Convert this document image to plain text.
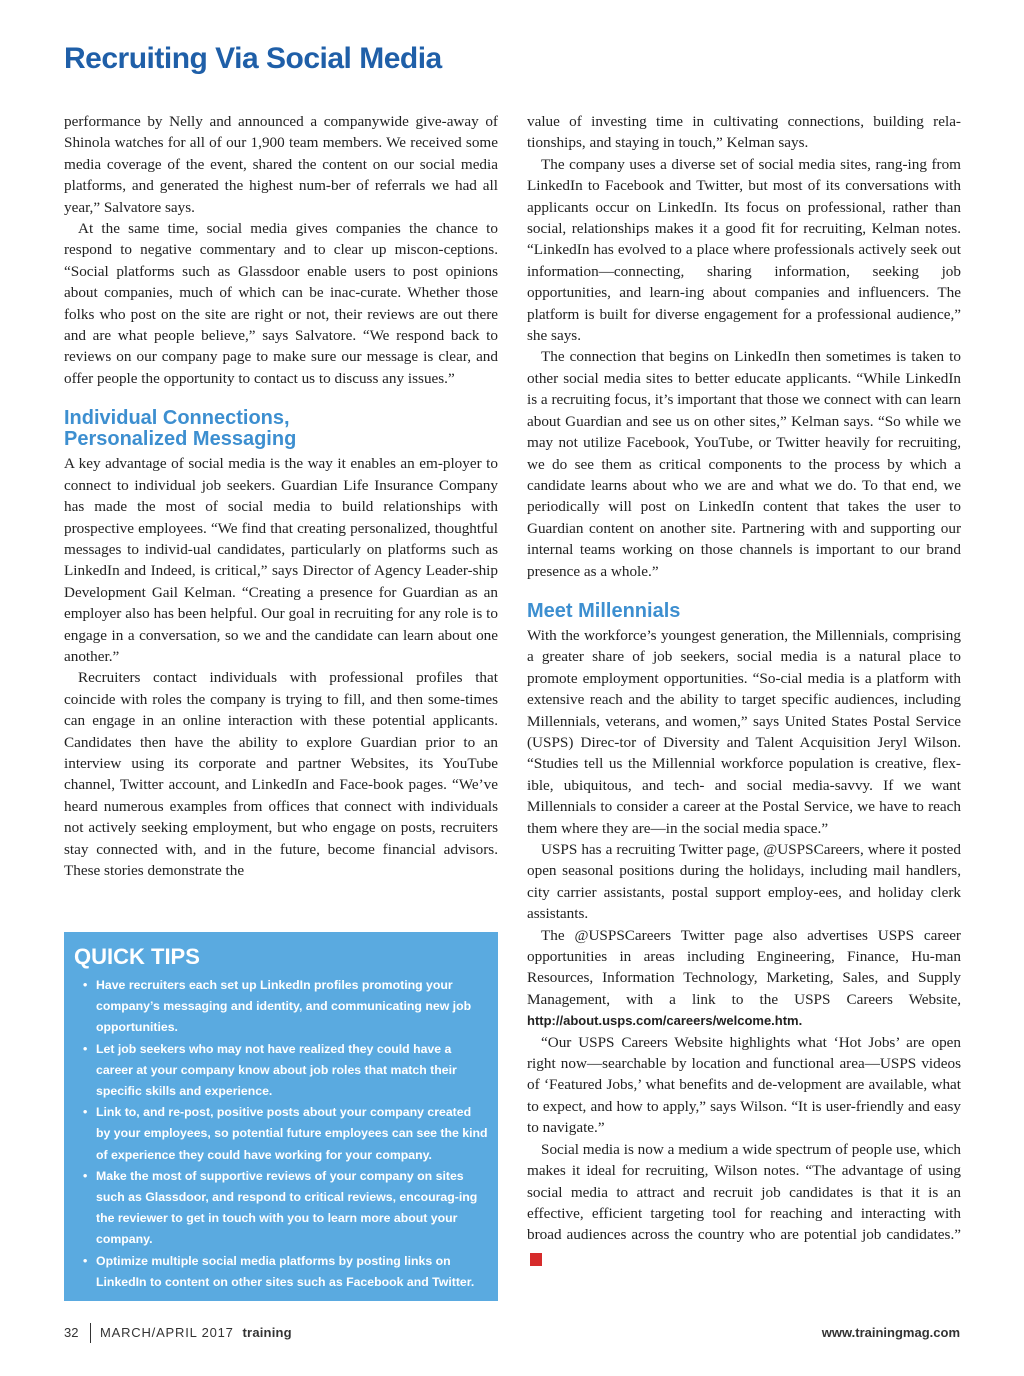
Recruiting Via Social Media

performance by Nelly and announced a companywide give-away of Shinola watches for all of our 1,900 team members. We received some media coverage of the event, shared the content on our social media platforms, and generated the highest num-ber of referrals we had all year,” Salvatore says.

At the same time, social media gives companies the chance to respond to negative commentary and to clear up miscon-ceptions. “Social platforms such as Glassdoor enable users to post opinions about companies, much of which can be inac-curate. Whether those folks who post on the site are right or not, their reviews are out there and are what people believe,” says Salvatore. “We respond back to reviews on our company page to make sure our message is clear, and offer people the opportunity to contact us to discuss any issues.”

Individual Connections,
Personalized Messaging

A key advantage of social media is the way it enables an em-ployer to connect to individual job seekers. Guardian Life Insurance Company has made the most of social media to build relationships with prospective employees. “We find that creating personalized, thoughtful messages to individ-ual candidates, particularly on platforms such as LinkedIn and Indeed, is critical,” says Director of Agency Leader-ship Development Gail Kelman. “Creating a presence for Guardian as an employer also has been helpful. Our goal in recruiting for any role is to engage in a conversation, so we and the candidate can learn about one another.”

Recruiters contact individuals with professional profiles that coincide with roles the company is trying to fill, and then some-times can engage in an online interaction with these potential applicants. Candidates then have the ability to explore Guardian prior to an interview using its corporate and partner Websites, its YouTube channel, Twitter account, and LinkedIn and Face-book pages. “We’ve heard numerous examples from offices that connect with individuals not actively seeking employment, but who engage on posts, recruiters stay connected with, and in the future, become financial advisors. These stories demonstrate the

QUICK TIPS
• Have recruiters each set up LinkedIn profiles promoting your company’s messaging and identity, and communicating new job opportunities.
• Let job seekers who may not have realized they could have a career at your company know about job roles that match their specific skills and experience.
• Link to, and re-post, positive posts about your company created by your employees, so potential future employees can see the kind of experience they could have working for your company.
• Make the most of supportive reviews of your company on sites such as Glassdoor, and respond to critical reviews, encourag-ing the reviewer to get in touch with you to learn more about your company.
• Optimize multiple social media platforms by posting links on LinkedIn to content on other sites such as Facebook and Twitter.

value of investing time in cultivating connections, building rela-tionships, and staying in touch,” Kelman says.

The company uses a diverse set of social media sites, rang-ing from LinkedIn to Facebook and Twitter, but most of its conversations with applicants occur on LinkedIn. Its focus on professional, rather than social, relationships makes it a good fit for recruiting, Kelman notes. “LinkedIn has evolved to a place where professionals actively seek out information—connecting, sharing information, seeking job opportunities, and learn-ing about companies and influencers. The platform is built for diverse engagement for a professional audience,” she says.

The connection that begins on LinkedIn then sometimes is taken to other social media sites to better educate applicants. “While LinkedIn is a recruiting focus, it’s important that those we connect with can learn about Guardian and see us on other sites,” Kelman says. “So while we may not utilize Facebook, YouTube, or Twitter heavily for recruiting, we do see them as critical components to the process by which a candidate learns about who we are and what we do. To that end, we periodically will post on LinkedIn content that takes the user to Guardian content on another site. Partnering with and supporting our internal teams working on those channels is important to our brand presence as a whole.”

Meet Millennials

With the workforce’s youngest generation, the Millennials, comprising a greater share of job seekers, social media is a natural place to promote employment opportunities. “So-cial media is a platform with extensive reach and the ability to target specific audiences, including Millennials, veterans, and women,” says United States Postal Service (USPS) Direc-tor of Diversity and Talent Acquisition Jeryl Wilson. “Studies tell us the Millennial workforce population is creative, flex-ible, ubiquitous, and tech- and social media-savvy. If we want Millennials to consider a career at the Postal Service, we have to reach them where they are—in the social media space.”

USPS has a recruiting Twitter page, @USPSCareers, where it posted open seasonal positions during the holidays, including mail handlers, city carrier assistants, postal support employ-ees, and holiday clerk assistants.

The @USPSCareers Twitter page also advertises USPS career opportunities in areas including Engineering, Finance, Hu-man Resources, Information Technology, Marketing, Sales, and Supply Management, with a link to the USPS Careers Website, http://about.usps.com/careers/welcome.htm.

“Our USPS Careers Website highlights what ‘Hot Jobs’ are open right now—searchable by location and functional area—USPS videos of ‘Featured Jobs,’ what benefits and de-velopment are available, what to expect, and how to apply,” says Wilson. “It is user-friendly and easy to navigate.”

Social media is now a medium a wide spectrum of people use, which makes it ideal for recruiting, Wilson notes. “The advantage of using social media to attract and recruit job candidates is that it is an effective, efficient targeting tool for reaching and interacting with broad audiences across the country who are potential job candidates.”t

32 MARCH/APRIL 2017 training	www.trainingmag.com
